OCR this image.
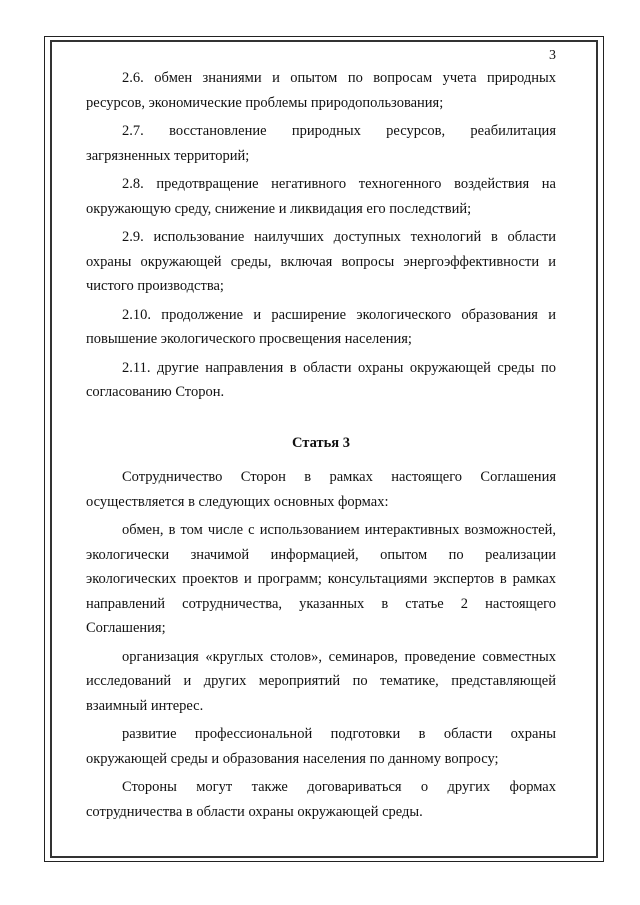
3

2.6. обмен знаниями и опытом по вопросам учета природных ресурсов, экономические проблемы природопользования;

2.7. восстановление природных ресурсов, реабилитация загрязненных территорий;

2.8. предотвращение негативного техногенного воздействия на окружающую среду, снижение и ликвидация его последствий;

2.9. использование наилучших доступных технологий в области охраны окружающей среды, включая вопросы энергоэффективности и чистого производства;

2.10. продолжение и расширение экологического образования и повышение экологического просвещения населения;

2.11. другие направления в области охраны окружающей среды по согласованию Сторон.

Статья 3

Сотрудничество Сторон в рамках настоящего Соглашения осуществляется в следующих основных формах:

обмен, в том числе с использованием интерактивных возможностей, экологически значимой информацией, опытом по реализации экологических проектов и программ; консультациями экспертов в рамках направлений сотрудничества, указанных в статье 2 настоящего Соглашения;

организация «круглых столов», семинаров, проведение совместных исследований и других мероприятий по тематике, представляющей взаимный интерес.

развитие профессиональной подготовки в области охраны окружающей среды и образования населения по данному вопросу;

Стороны могут также договариваться о других формах сотрудничества в области охраны окружающей среды.
